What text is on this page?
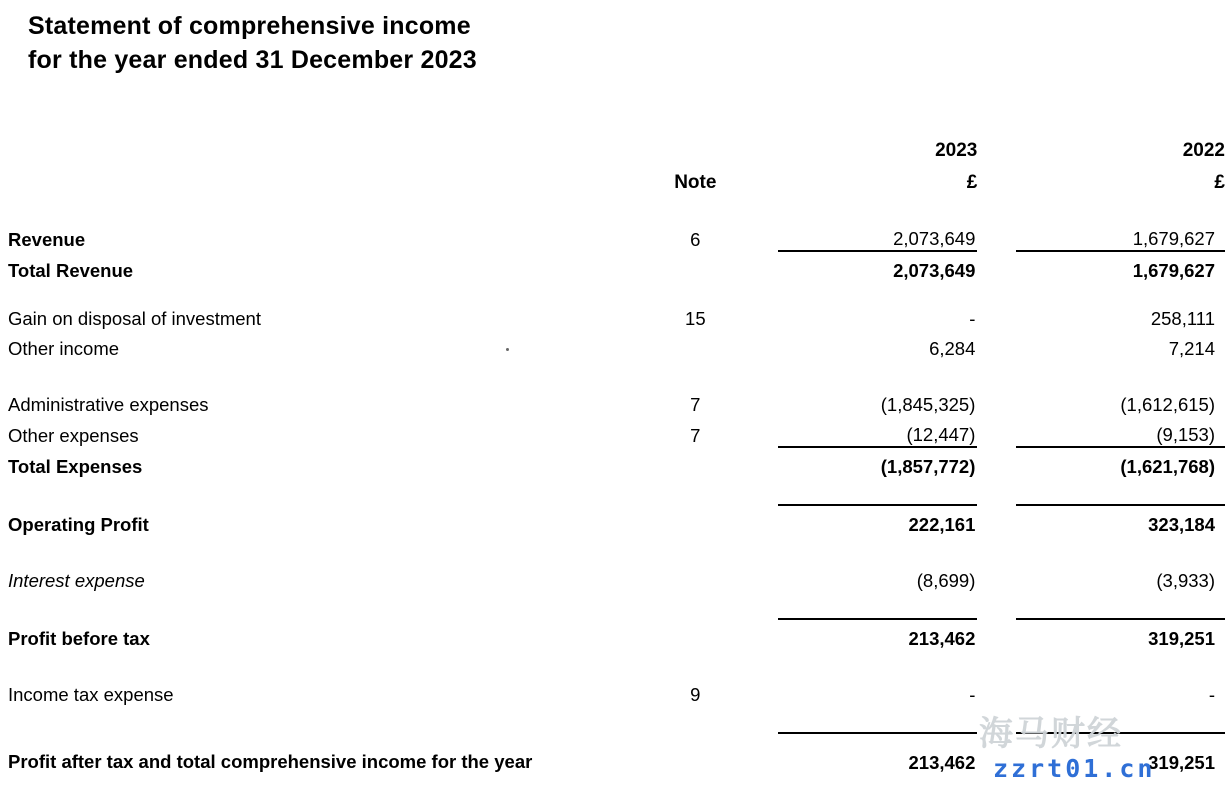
Statement of comprehensive income
for the year ended 31 December 2023
			2023		2022
	Note		£		£

Revenue	6		2,073,649		1,679,627
Total Revenue			2,073,649		1,679,627

Gain on disposal of investment	15		-		258,111
Other income			6,284		7,214

Administrative expenses	7		(1,845,325)		(1,612,615)
Other expenses	7		(12,447)		(9,153)
Total Expenses			(1,857,772)		(1,621,768)

Operating Profit			222,161		323,184

Interest expense			(8,699)		(3,933)

Profit before tax			213,462		319,251

Income tax expense	9		-		-

Profit after tax and total comprehensive income for the year			213,462		319,251
海马财经
zzrt01.cn
